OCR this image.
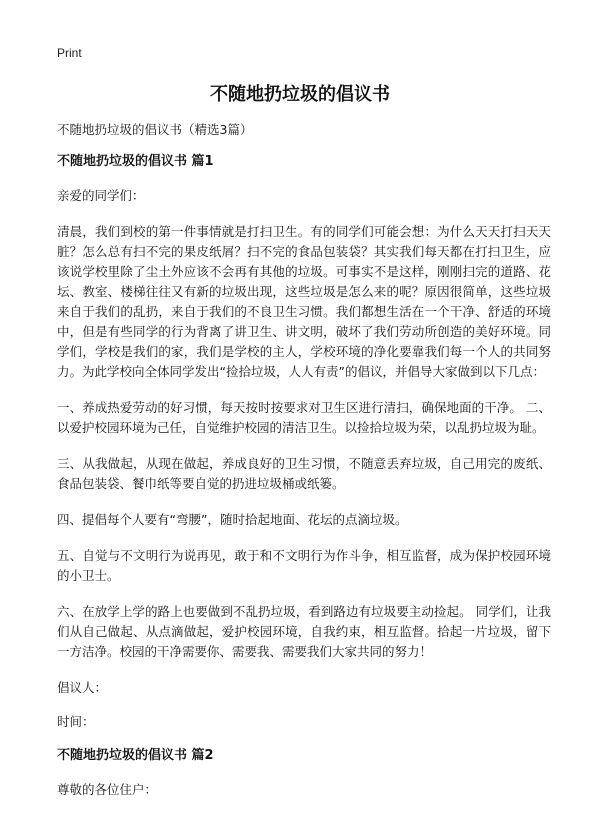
Print
不随地扔垃圾的倡议书

不随地扔垃圾的倡议书（精选3篇）

不随地扔垃圾的倡议书 篇1

亲爱的同学们：

清晨，我们到校的第一件事情就是打扫卫生。有的同学们可能会想：为什么天天打扫天天脏？怎么总有扫不完的果皮纸屑？扫不完的食品包装袋？其实我们每天都在打扫卫生，应该说学校里除了尘土外应该不会再有其他的垃圾。可事实不是这样，刚刚扫完的道路、花坛、教室、楼梯往往又有新的垃圾出现，这些垃圾是怎么来的呢？原因很简单，这些垃圾来自于我们的乱扔，来自于我们的不良卫生习惯。我们都想生活在一个干净、舒适的环境中，但是有些同学的行为背离了讲卫生、讲文明，破坏了我们劳动所创造的美好环境。同学们，学校是我们的家，我们是学校的主人，学校环境的净化要靠我们每一个人的共同努力。为此学校向全体同学发出“捡拾垃圾，人人有责”的倡议，并倡导大家做到以下几点：

一、养成热爱劳动的好习惯，每天按时按要求对卫生区进行清扫，确保地面的干净。 二、以爱护校园环境为己任，自觉维护校园的清洁卫生。以捡拾垃圾为荣，以乱扔垃圾为耻。

三、从我做起，从现在做起，养成良好的卫生习惯，不随意丢弃垃圾，自己用完的废纸、食品包装袋、餐巾纸等要自觉的扔进垃圾桶或纸篓。

四、提倡每个人要有“弯腰”，随时拾起地面、花坛的点滴垃圾。

五、自觉与不文明行为说再见，敢于和不文明行为作斗争，相互监督，成为保护校园环境的小卫士。

六、在放学上学的路上也要做到不乱扔垃圾，看到路边有垃圾要主动捡起。 同学们，让我们从自己做起、从点滴做起，爱护校园环境，自我约束，相互监督。拾起一片垃圾，留下一方洁净。校园的干净需要你、需要我、需要我们大家共同的努力！

倡议人：

时间：

不随地扔垃圾的倡议书 篇2

尊敬的各位住户：
